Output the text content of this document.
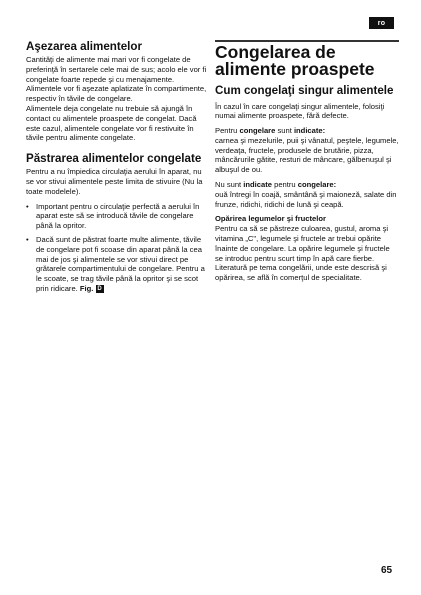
ro
Aşezarea alimentelor

Cantităţi de alimente mai mari vor fi congelate de preferinţă în sertarele cele mai de sus; acolo ele vor fi congelate foarte repede şi cu menajamente. Alimentele vor fi aşezate aplatizate în compartimente, respectiv în tăvile de congelare.

Alimentele deja congelate nu trebuie să ajungă în contact cu alimentele proaspete de congelat. Dacă este cazul, alimentele congelate vor fi restivuite în tăvile pentru alimente congelate.

Păstrarea alimentelor congelate

Pentru a nu împiedica circulaţia aerului în aparat, nu se vor stivui alimentele peste limita de stivuire (Nu la toate modelele).

• Important pentru o circulaţie perfectă a aerului în aparat este să se introducă tăvile de congelare până la opritor.
• Dacă sunt de păstrat foarte multe alimente, tăvile de congelare pot fi scoase din aparat până la cea mai de jos şi alimentele se vor stivui direct pe grătarele compartimentului de congelare. Pentru a le scoate, se trag tăvile până la opritor şi se scot prin ridicare. Fig. D
Congelarea de alimente proaspete
Cum congelaţi singur alimentele

În cazul în care congelaţi singur alimentele, folosiţi numai alimente proaspete, fără defecte.

Pentru congelare sunt indicate:

carnea şi mezelurile, puii şi vânatul, peştele, legumele, verdeaţa, fructele, produsele de brutărie, pizza, mâncărurile gătite, resturi de mâncare, gălbenuşul şi albuşul de ou.

Nu sunt indicate pentru congelare:

ouă întregi în coajă, smântână şi maioneză, salate din frunze, ridichi, ridichi de lună şi ceapă.

Opărirea legumelor şi fructelor

Pentru ca să se păstreze culoarea, gustul, aroma şi vitamina „C", legumele şi fructele ar trebui opărite înainte de congelare. La opărire legumele şi fructele se introduc pentru scurt timp în apă care fierbe.

Literatură pe tema congelării, unde este descrisă şi opărirea, se află în comerţul de specialitate.

65
